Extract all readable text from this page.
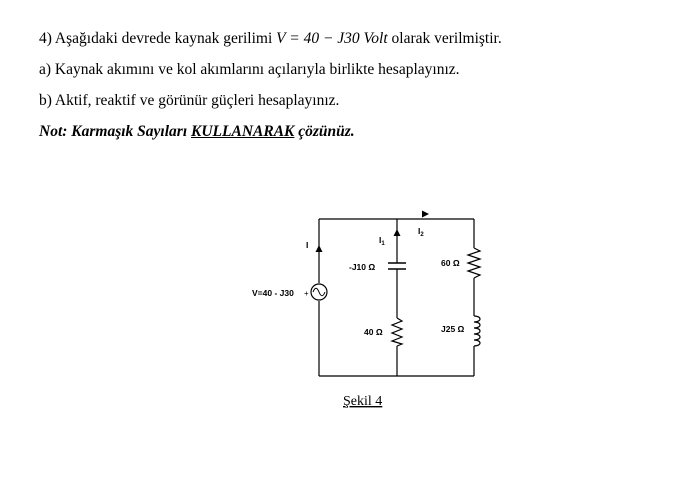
4) Aşağıdaki devrede kaynak gerilimi V = 40 − J30 Volt olarak verilmiştir.
a) Kaynak akımını ve kol akımlarını açılarıyla birlikte hesaplayınız.
b) Aktif, reaktif ve görünür güçleri hesaplayınız.
Not: Karmaşık Sayıları KULLANARAK çözünüz.
+
I	$I_1$
$I_2$
-J10 Ω
40 Ω
60 Ω
J25 Ω
V=40 - J30
Şekil 4
